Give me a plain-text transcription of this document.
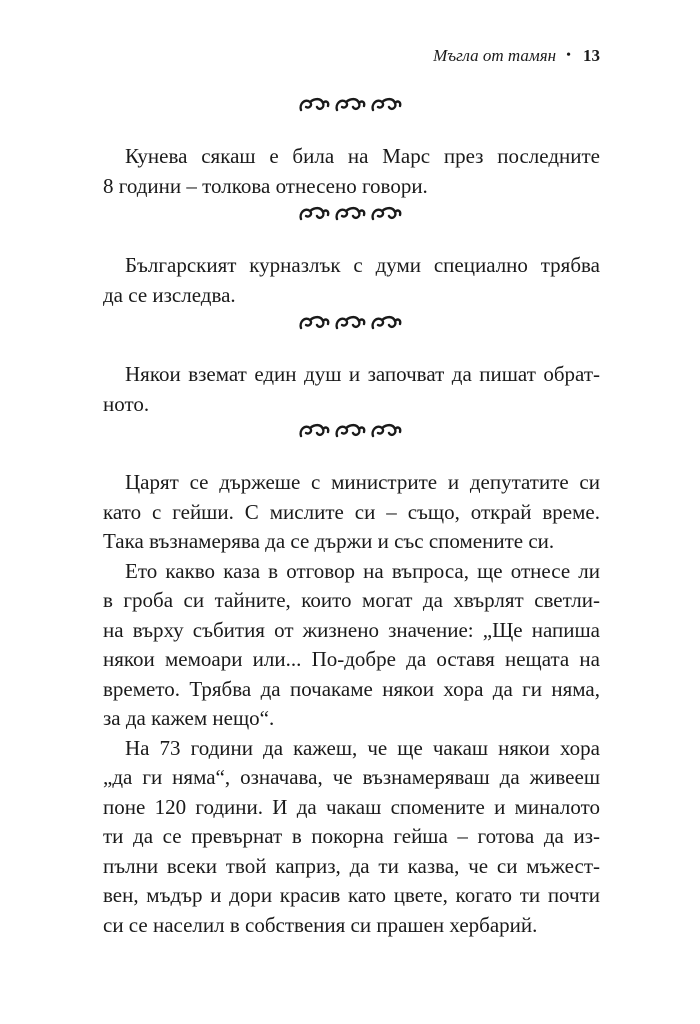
Мъгла от тамян • 13
Кунева сякаш е била на Марс през последните
8 години – толкова отнесено говори.
Българският курназлък с думи специално трябва
да се изследва.
Някои вземат един душ и започват да пишат обрат-
ното.
Царят се държеше с министрите и депутатите си
като с гейши. С мислите си – също, открай време.
Така възнамерява да се държи и със спомените си.
Ето какво каза в отговор на въпроса, ще отнесе ли
в гроба си тайните, които могат да хвърлят светли-
на върху събития от жизнено значение: „Ще напиша
някои мемоари или... По-добре да оставя нещата на
времето. Трябва да почакаме някои хора да ги няма,
за да кажем нещо“.
На 73 години да кажеш, че ще чакаш някои хора
„да ги няма“, означава, че възнамеряваш да живееш
поне 120 години. И да чакаш спомените и миналото
ти да се превърнат в покорна гейша – готова да из-
пълни всеки твой каприз, да ти казва, че си мъжест-
вен, мъдър и дори красив като цвете, когато ти почти
си се населил в собствения си прашен хербарий.
